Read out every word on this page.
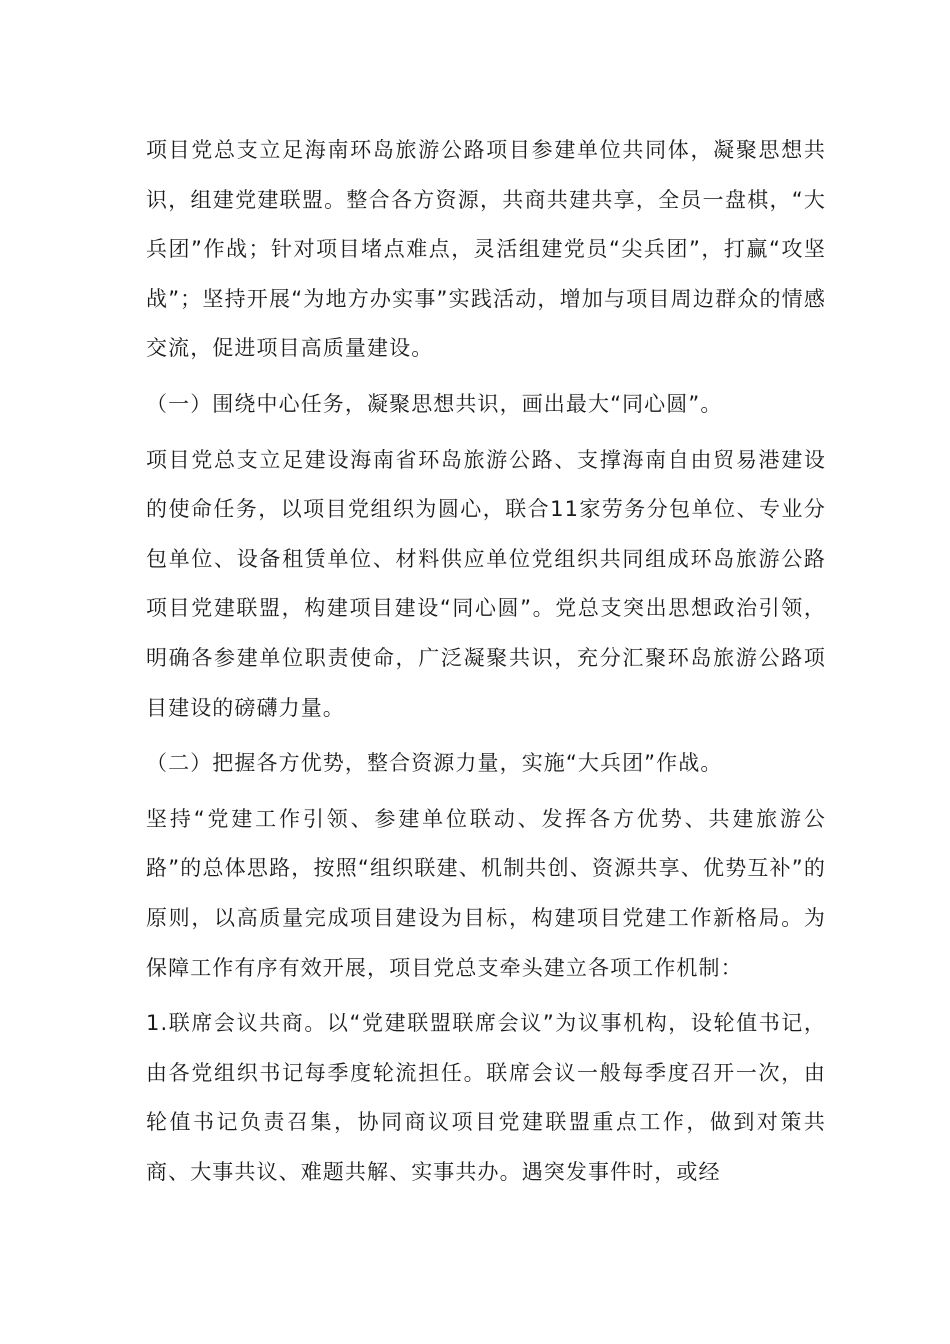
项目党总支立足海南环岛旅游公路项目参建单位共同体，凝聚思想共识，组建党建联盟。整合各方资源，共商共建共享，全员一盘棋，“大兵团”作战；针对项目堵点难点，灵活组建党员“尖兵团”，打赢“攻坚战”；坚持开展“为地方办实事”实践活动，增加与项目周边群众的情感交流，促进项目高质量建设。

（一）围绕中心任务，凝聚思想共识，画出最大“同心圆”。

项目党总支立足建设海南省环岛旅游公路、支撑海南自由贸易港建设的使命任务，以项目党组织为圆心，联合11家劳务分包单位、专业分包单位、设备租赁单位、材料供应单位党组织共同组成环岛旅游公路项目党建联盟，构建项目建设“同心圆”。党总支突出思想政治引领，明确各参建单位职责使命，广泛凝聚共识，充分汇聚环岛旅游公路项目建设的磅礴力量。

（二）把握各方优势，整合资源力量，实施“大兵团”作战。

坚持“党建工作引领、参建单位联动、发挥各方优势、共建旅游公路”的总体思路，按照“组织联建、机制共创、资源共享、优势互补”的原则，以高质量完成项目建设为目标，构建项目党建工作新格局。为保障工作有序有效开展，项目党总支牵头建立各项工作机制：

1.联席会议共商。以“党建联盟联席会议”为议事机构，设轮值书记，由各党组织书记每季度轮流担任。联席会议一般每季度召开一次，由轮值书记负责召集，协同商议项目党建联盟重点工作，做到对策共商、大事共议、难题共解、实事共办。遇突发事件时，或经
